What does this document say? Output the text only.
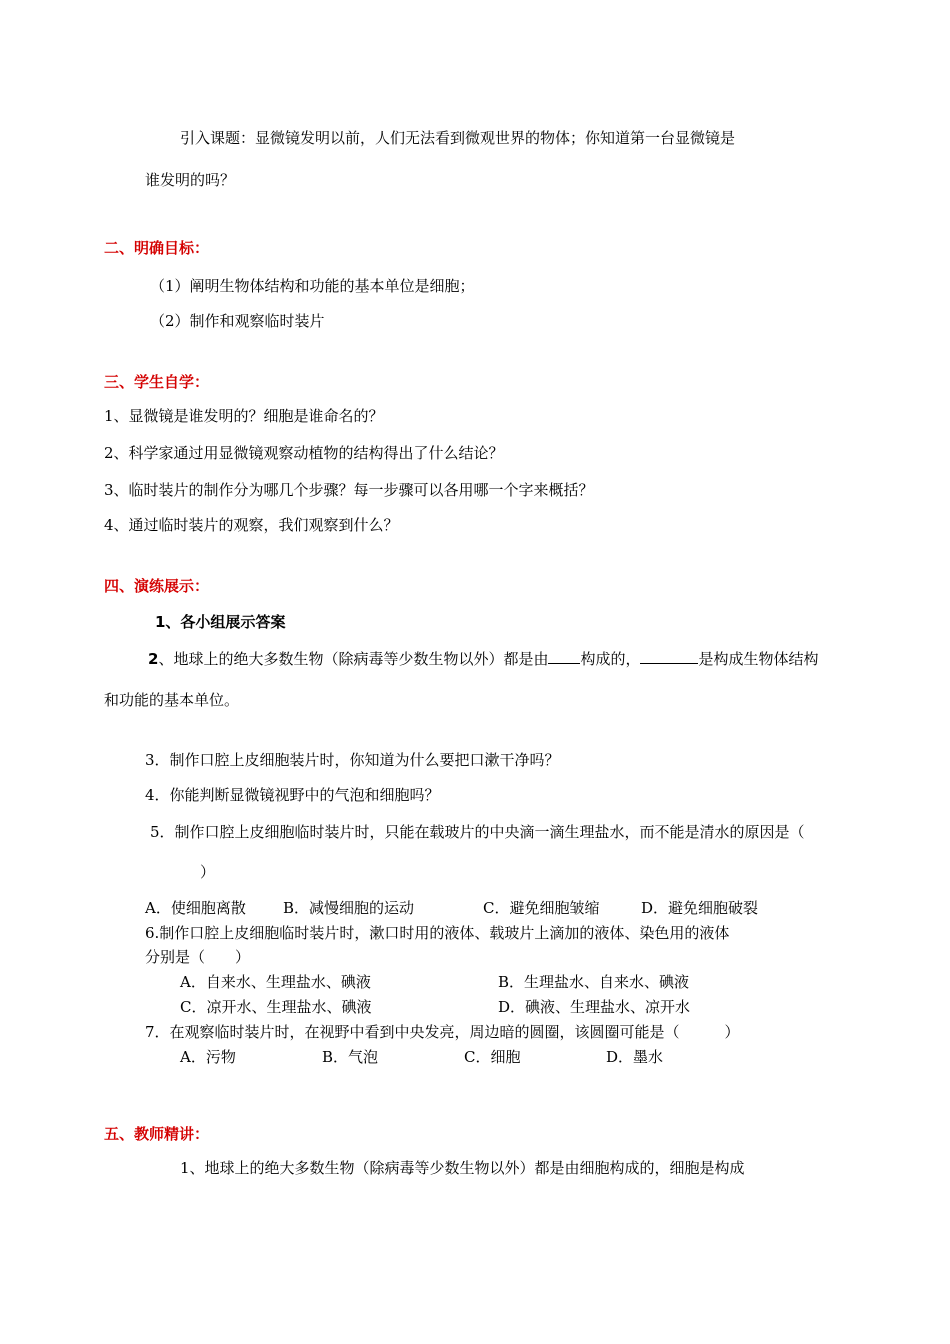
引入课题：显微镜发明以前，人们无法看到微观世界的物体；你知道第一台显微镜是
谁发明的吗？
二、明确目标：
（1）阐明生物体结构和功能的基本单位是细胞；
（2）制作和观察临时装片
三、学生自学：
1、显微镜是谁发明的？细胞是谁命名的？
2、科学家通过用显微镜观察动植物的结构得出了什么结论？
3、临时装片的制作分为哪几个步骤？每一步骤可以各用哪一个字来概括？
4、通过临时装片的观察，我们观察到什么？
四、演练展示：
1、各小组展示答案
2、地球上的绝大多数生物（除病毒等少数生物以外）都是由 构成的，	是构成生物体结构
和功能的基本单位。
3．制作口腔上皮细胞装片时，你知道为什么要把口漱干净吗？
4．你能判断显微镜视野中的气泡和细胞吗？
5．制作口腔上皮细胞临时装片时，只能在载玻片的中央滴一滴生理盐水，而不能是清水的原因是（
）
A．使细胞离散 B．减慢细胞的运动	C．避免细胞皱缩	D．避免细胞破裂
6.制作口腔上皮细胞临时装片时，漱口时用的液体、载玻片上滴加的液体、染色用的液体
分别是（　　）
A．自来水、生理盐水、碘液	B．生理盐水、自来水、碘液
C．凉开水、生理盐水、碘液	D．碘液、生理盐水、凉开水
7．在观察临时装片时，在视野中看到中央发亮，周边暗的圆圈，该圆圈可能是（　　　）
A．污物	B．气泡	C．细胞	D．墨水
五、教师精讲：
1、地球上的绝大多数生物（除病毒等少数生物以外）都是由细胞构成的，细胞是构成
